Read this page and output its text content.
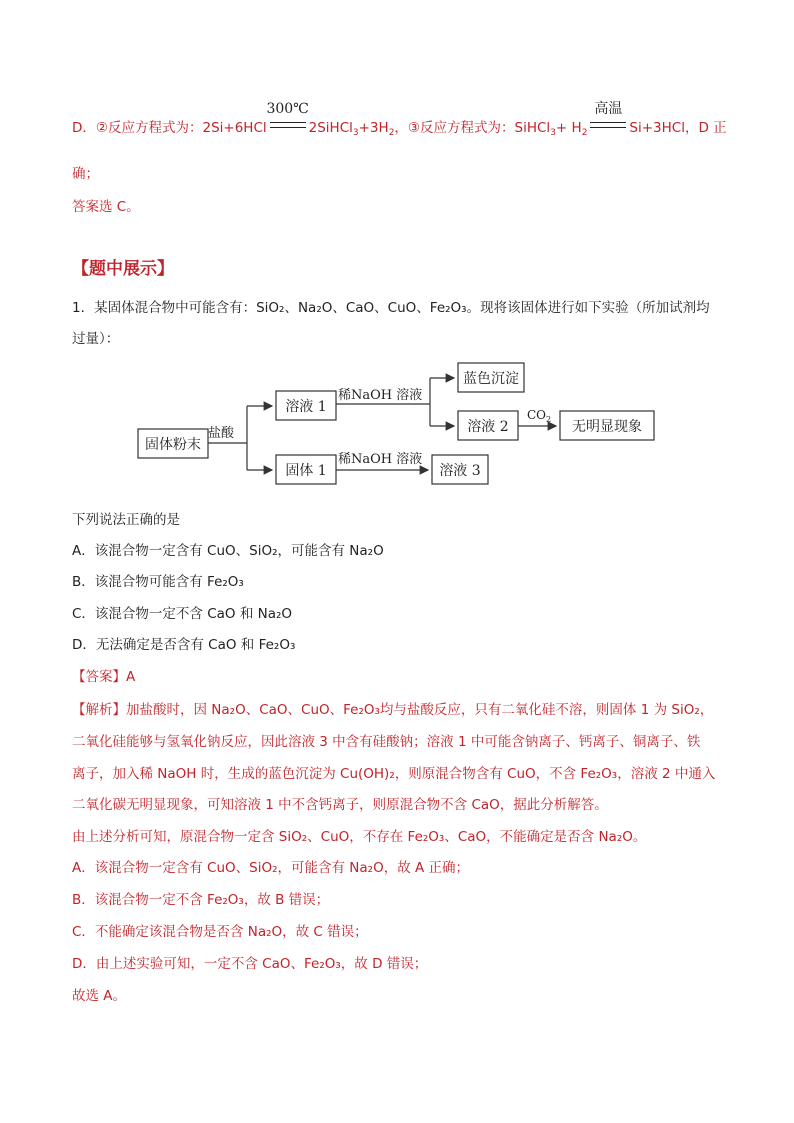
D．②反应方程式为：2Si+6HCl
300℃
$2SiHCl_3+3H_2$，③反应方程式为：SiHCl$_3$+ $H_2$
高温
Si+3HCl，D 正
确；
答案选 C。
【题中展示】
1．某固体混合物中可能含有：SiO₂、Na₂O、CaO、CuO、Fe₂O₃。现将该固体进行如下实验（所加试剂均
过量）：
固体粉末
盐酸
溶液 1
稀NaOH 溶液
蓝色沉淀
溶液 2
$CO_2$ 无明显现象
固体 1
稀NaOH 溶液
溶液 3
下列说法正确的是
A．该混合物一定含有 CuO、SiO₂，可能含有 Na₂O
B．该混合物可能含有 Fe₂O₃
C．该混合物一定不含 CaO 和 Na₂O
D．无法确定是否含有 CaO 和 Fe₂O₃
【答案】A
【解析】加盐酸时，因 Na₂O、CaO、CuO、Fe₂O₃均与盐酸反应，只有二氧化硅不溶，则固体 1 为 SiO₂，
二氧化硅能够与氢氧化钠反应，因此溶液 3 中含有硅酸钠；溶液 1 中可能含钠离子、钙离子、铜离子、铁
离子，加入稀 NaOH 时，生成的蓝色沉淀为 Cu(OH)₂，则原混合物含有 CuO，不含 Fe₂O₃，溶液 2 中通入
二氧化碳无明显现象，可知溶液 1 中不含钙离子，则原混合物不含 CaO，据此分析解答。
由上述分析可知，原混合物一定含 SiO₂、CuO，不存在 Fe₂O₃、CaO，不能确定是否含 Na₂O。
A．该混合物一定含有 CuO、SiO₂，可能含有 Na₂O，故 A 正确；
B．该混合物一定不含 Fe₂O₃，故 B 错误；
C．不能确定该混合物是否含 Na₂O，故 C 错误；
D．由上述实验可知，一定不含 CaO、Fe₂O₃，故 D 错误；
故选 A。
